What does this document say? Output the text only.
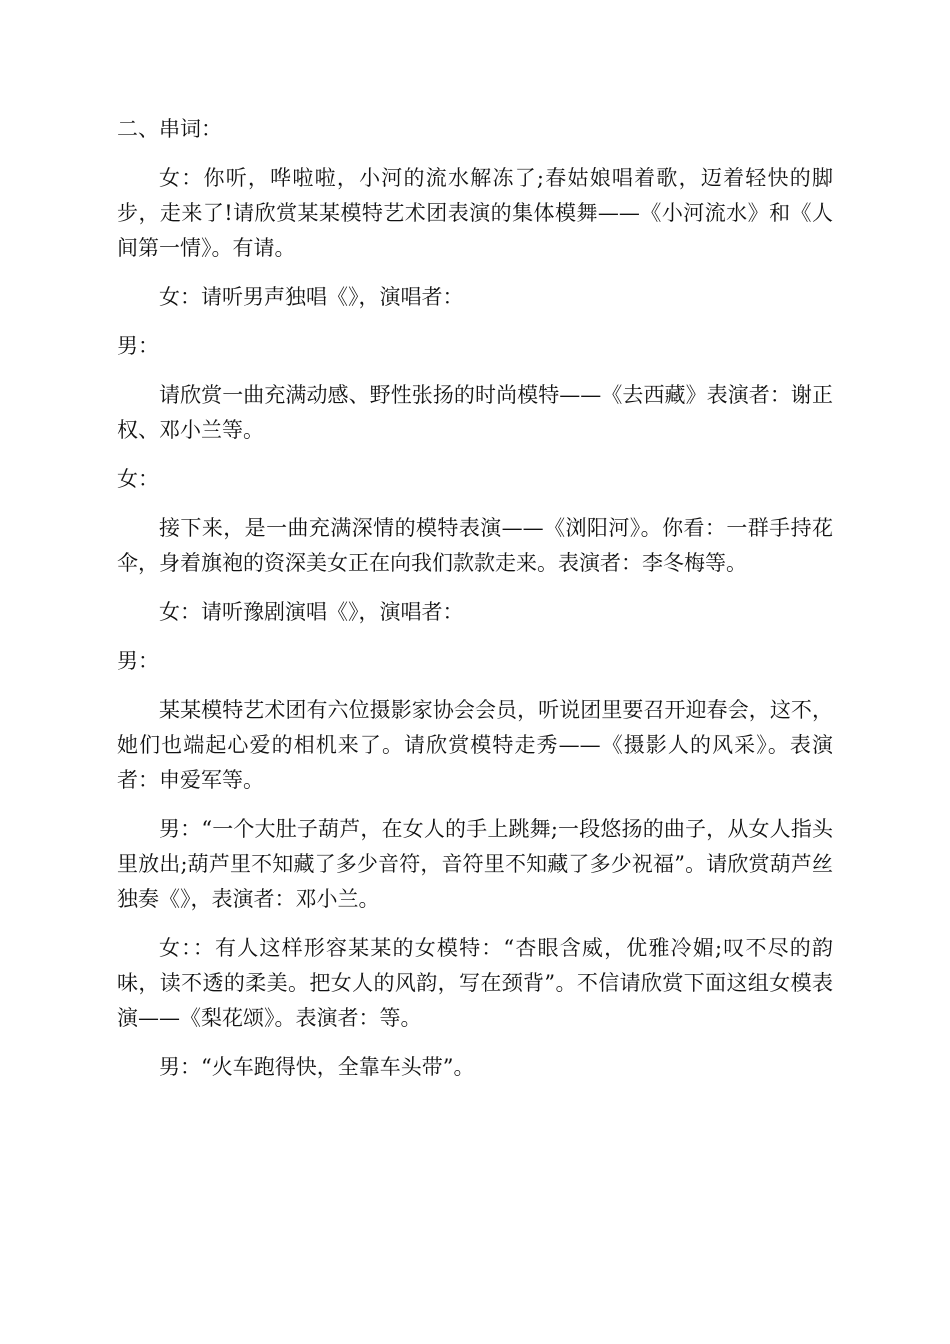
二、串词：

女：你听，哗啦啦，小河的流水解冻了;春姑娘唱着歌，迈着轻快的脚步，走来了!请欣赏某某模特艺术团表演的集体模舞——《小河流水》和《人间第一情》。有请。

女：请听男声独唱《》，演唱者：

男：

请欣赏一曲充满动感、野性张扬的时尚模特——《去西藏》表演者：谢正权、邓小兰等。

女：

接下来，是一曲充满深情的模特表演——《浏阳河》。你看：一群手持花伞，身着旗袍的资深美女正在向我们款款走来。表演者：李冬梅等。

女：请听豫剧演唱《》，演唱者：

男：

某某模特艺术团有六位摄影家协会会员，听说团里要召开迎春会，这不，她们也端起心爱的相机来了。请欣赏模特走秀——《摄影人的风采》。表演者：申爱军等。

男：“一个大肚子葫芦，在女人的手上跳舞;一段悠扬的曲子，从女人指头里放出;葫芦里不知藏了多少音符，音符里不知藏了多少祝福”。请欣赏葫芦丝独奏《》，表演者：邓小兰。

女：：有人这样形容某某的女模特：“杏眼含威，优雅冷媚;叹不尽的韵味，读不透的柔美。把女人的风韵，写在颈背”。不信请欣赏下面这组女模表演——《梨花颂》。表演者：等。

男：“火车跑得快，全靠车头带”。
